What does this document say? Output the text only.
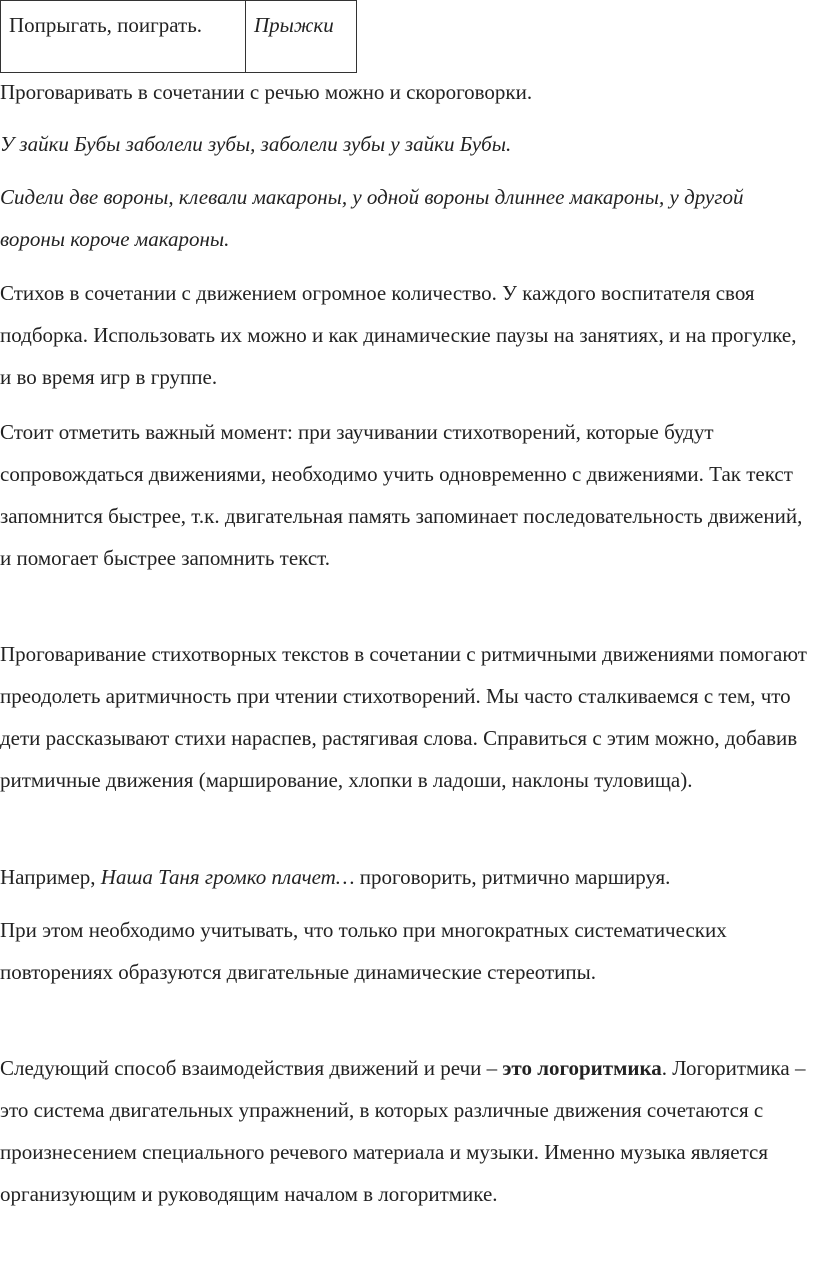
Попрыгать, поиграть.	Прыжки

Проговаривать в сочетании с речью можно и скороговорки.

У зайки Бубы заболели зубы, заболели зубы у зайки Бубы.

Сидели две вороны, клевали макароны, у одной вороны длиннее макароны, у другой вороны короче макароны.

Стихов в сочетании с движением огромное количество. У каждого воспитателя своя подборка. Использовать их можно и как динамические паузы на занятиях, и на прогулке, и во время игр в группе.

Стоит отметить важный момент: при заучивании стихотворений, которые будут сопровождаться движениями, необходимо учить одновременно с движениями. Так текст запомнится быстрее, т.к. двигательная память запоминает последовательность движений, и помогает быстрее запомнить текст.

Проговаривание стихотворных текстов в сочетании с ритмичными движениями помогают преодолеть аритмичность при чтении стихотворений. Мы часто сталкиваемся с тем, что дети рассказывают стихи нараспев, растягивая слова. Справиться с этим можно, добавив ритмичные движения (марширование, хлопки в ладоши, наклоны туловища).

Например, Наша Таня громко плачет… проговорить, ритмично маршируя.

При этом необходимо учитывать, что только при многократных систематических повторениях образуются двигательные динамические стереотипы.

Следующий способ взаимодействия движений и речи – это логоритмика. Логоритмика – это система двигательных упражнений, в которых различные движения сочетаются с произнесением специального речевого материала и музыки. Именно музыка является организующим и руководящим началом в логоритмике.
